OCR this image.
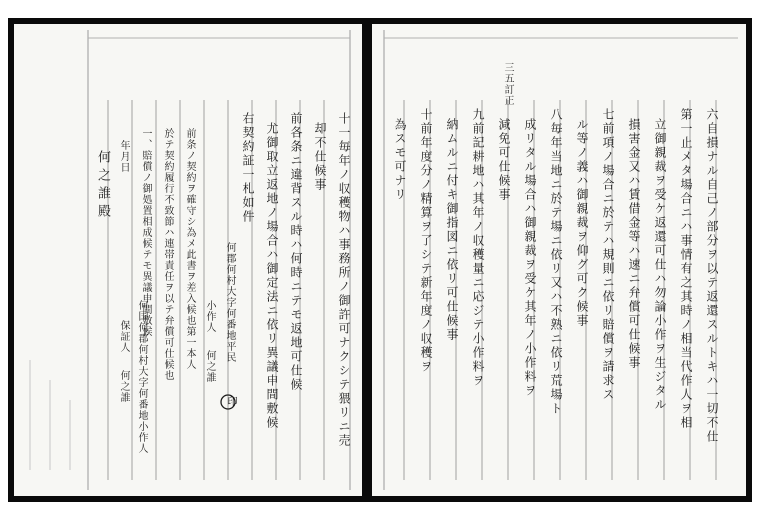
三五訂正
六自損ナル自己ノ部分ヲ以テ返還スルトキハ一切不仕
第一止メタ場合ニハ事情有之其時ノ相当代作人ヲ相
立御親裁ヲ受ケ返還可仕ハ勿論小作ヲ生ジタル
損害金又ハ賃借金等ハ速ニ弁償可仕候事
七前項ノ場合ニ於テハ規則ニ依リ賠償ヲ請求ス
ル等ノ義ハ御親裁ヲ仰グ可ク候事
八毎年当地ニ於テ場ニ依リ又ハ不熟ニ依リ荒場ト
成リタル場合ハ御親裁ヲ受ケ其年ノ小作料ヲ
減免可仕候事
九前記耕地ハ其年ノ収穫量ニ応ジテ小作料ヲ
納ムルニ付キ御指図ニ依リ可仕候事
十前年度分ノ精算ヲ了シテ新年度ノ収穫ヲ
為スモ可ナリ
十一毎年ノ収穫物ハ事務所ノ御許可ナクシテ猥リニ売
却不仕候事
前各条ニ違背スル時ハ何時ニテモ返地可仕候
尤御取立返地ノ場合ハ御定法ニ依リ異議申間敷候
右契約証一札如件
何郡何村大字何番地平民
小作人
何之誰
印
前条ノ契約ヲ確守シ為メ此書ヲ差入候也第一本人
於テ契約履行不致節ハ連帯責任ヲ以テ弁償可仕候也
一、賠償ノ御処置相成候テモ異議申間敷候
何国何郡何村大字何番地小作人
年月日
保証人
何之誰
何之誰殿
